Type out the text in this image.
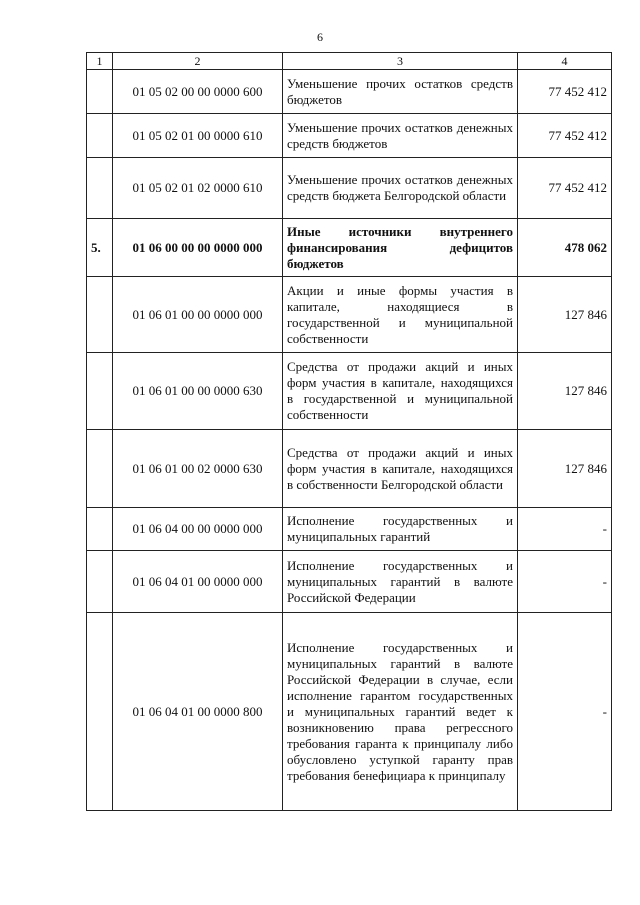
6
1	2	3	4
	01 05 02 00 00 0000 600	Уменьшение прочих остатков средств бюджетов	77 452 412
	01 05 02 01 00 0000 610	Уменьшение прочих остатков денежных средств бюджетов	77 452 412
	01 05 02 01 02 0000 610	Уменьшение прочих остатков денежных средств бюджета Белгородской области	77 452 412
5.	01 06 00 00 00 0000 000	Иные источники внутреннего финансирования дефицитов бюджетов	478 062
	01 06 01 00 00 0000 000	Акции и иные формы участия в капитале, находящиеся в государственной и муниципальной собственности	127 846
	01 06 01 00 00 0000 630	Средства от продажи акций и иных форм участия в капитале, находящихся в государственной и муниципальной собственности	127 846
	01 06 01 00 02 0000 630	Средства от продажи акций и иных форм участия в капитале, находящихся в собственности Белгородской области	127 846
	01 06 04 00 00 0000 000	Исполнение государственных и муниципальных гарантий	-
	01 06 04 01 00 0000 000	Исполнение государственных и муниципальных гарантий в валюте Российской Федерации	-
	01 06 04 01 00 0000 800	Исполнение государственных и муниципальных гарантий в валюте Российской Федерации в случае, если исполнение гарантом государственных и муниципальных гарантий ведет к возникновению права регрессного требования гаранта к принципалу либо обусловлено уступкой гаранту прав требования бенефициара к принципалу	-
